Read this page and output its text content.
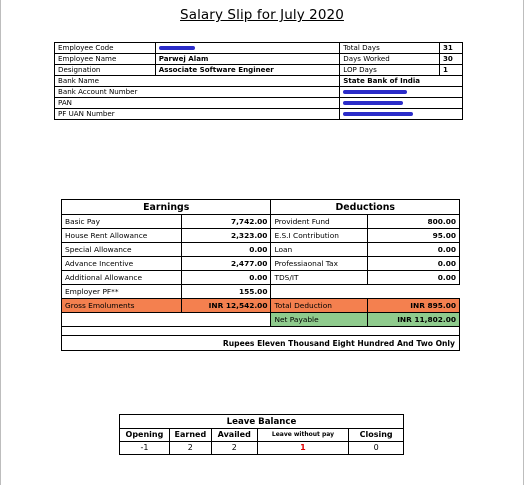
Salary Slip for July 2020
Employee Code		Total Days	31
Employee Name	Parwej Alam	Days Worked	30
Designation	Associate Software Engineer	LOP Days	1
Bank Name		State Bank of India	
Bank Account Number			
PAN			
PF UAN Number			
Earnings		Deductions	
Basic Pay	7,742.00	Provident Fund	800.00
House Rent Allowance	2,323.00	E.S.I Contribution	95.00
Special Allowance	0.00	Loan	0.00
Advance Incentive	2,477.00	Professiaonal Tax	0.00
Additional Allowance	0.00	TDS/IT	0.00
Employer PF**	155.00		
Gross Emoluments	INR 12,542.00	Total Deduction	INR 895.00
		Net Payable	INR 11,802.00

Rupees Eleven Thousand Eight Hundred And Two Only			
Leave Balance				
Opening	Earned	Availed	Leave without pay	Closing
-1	2	2	1	0
